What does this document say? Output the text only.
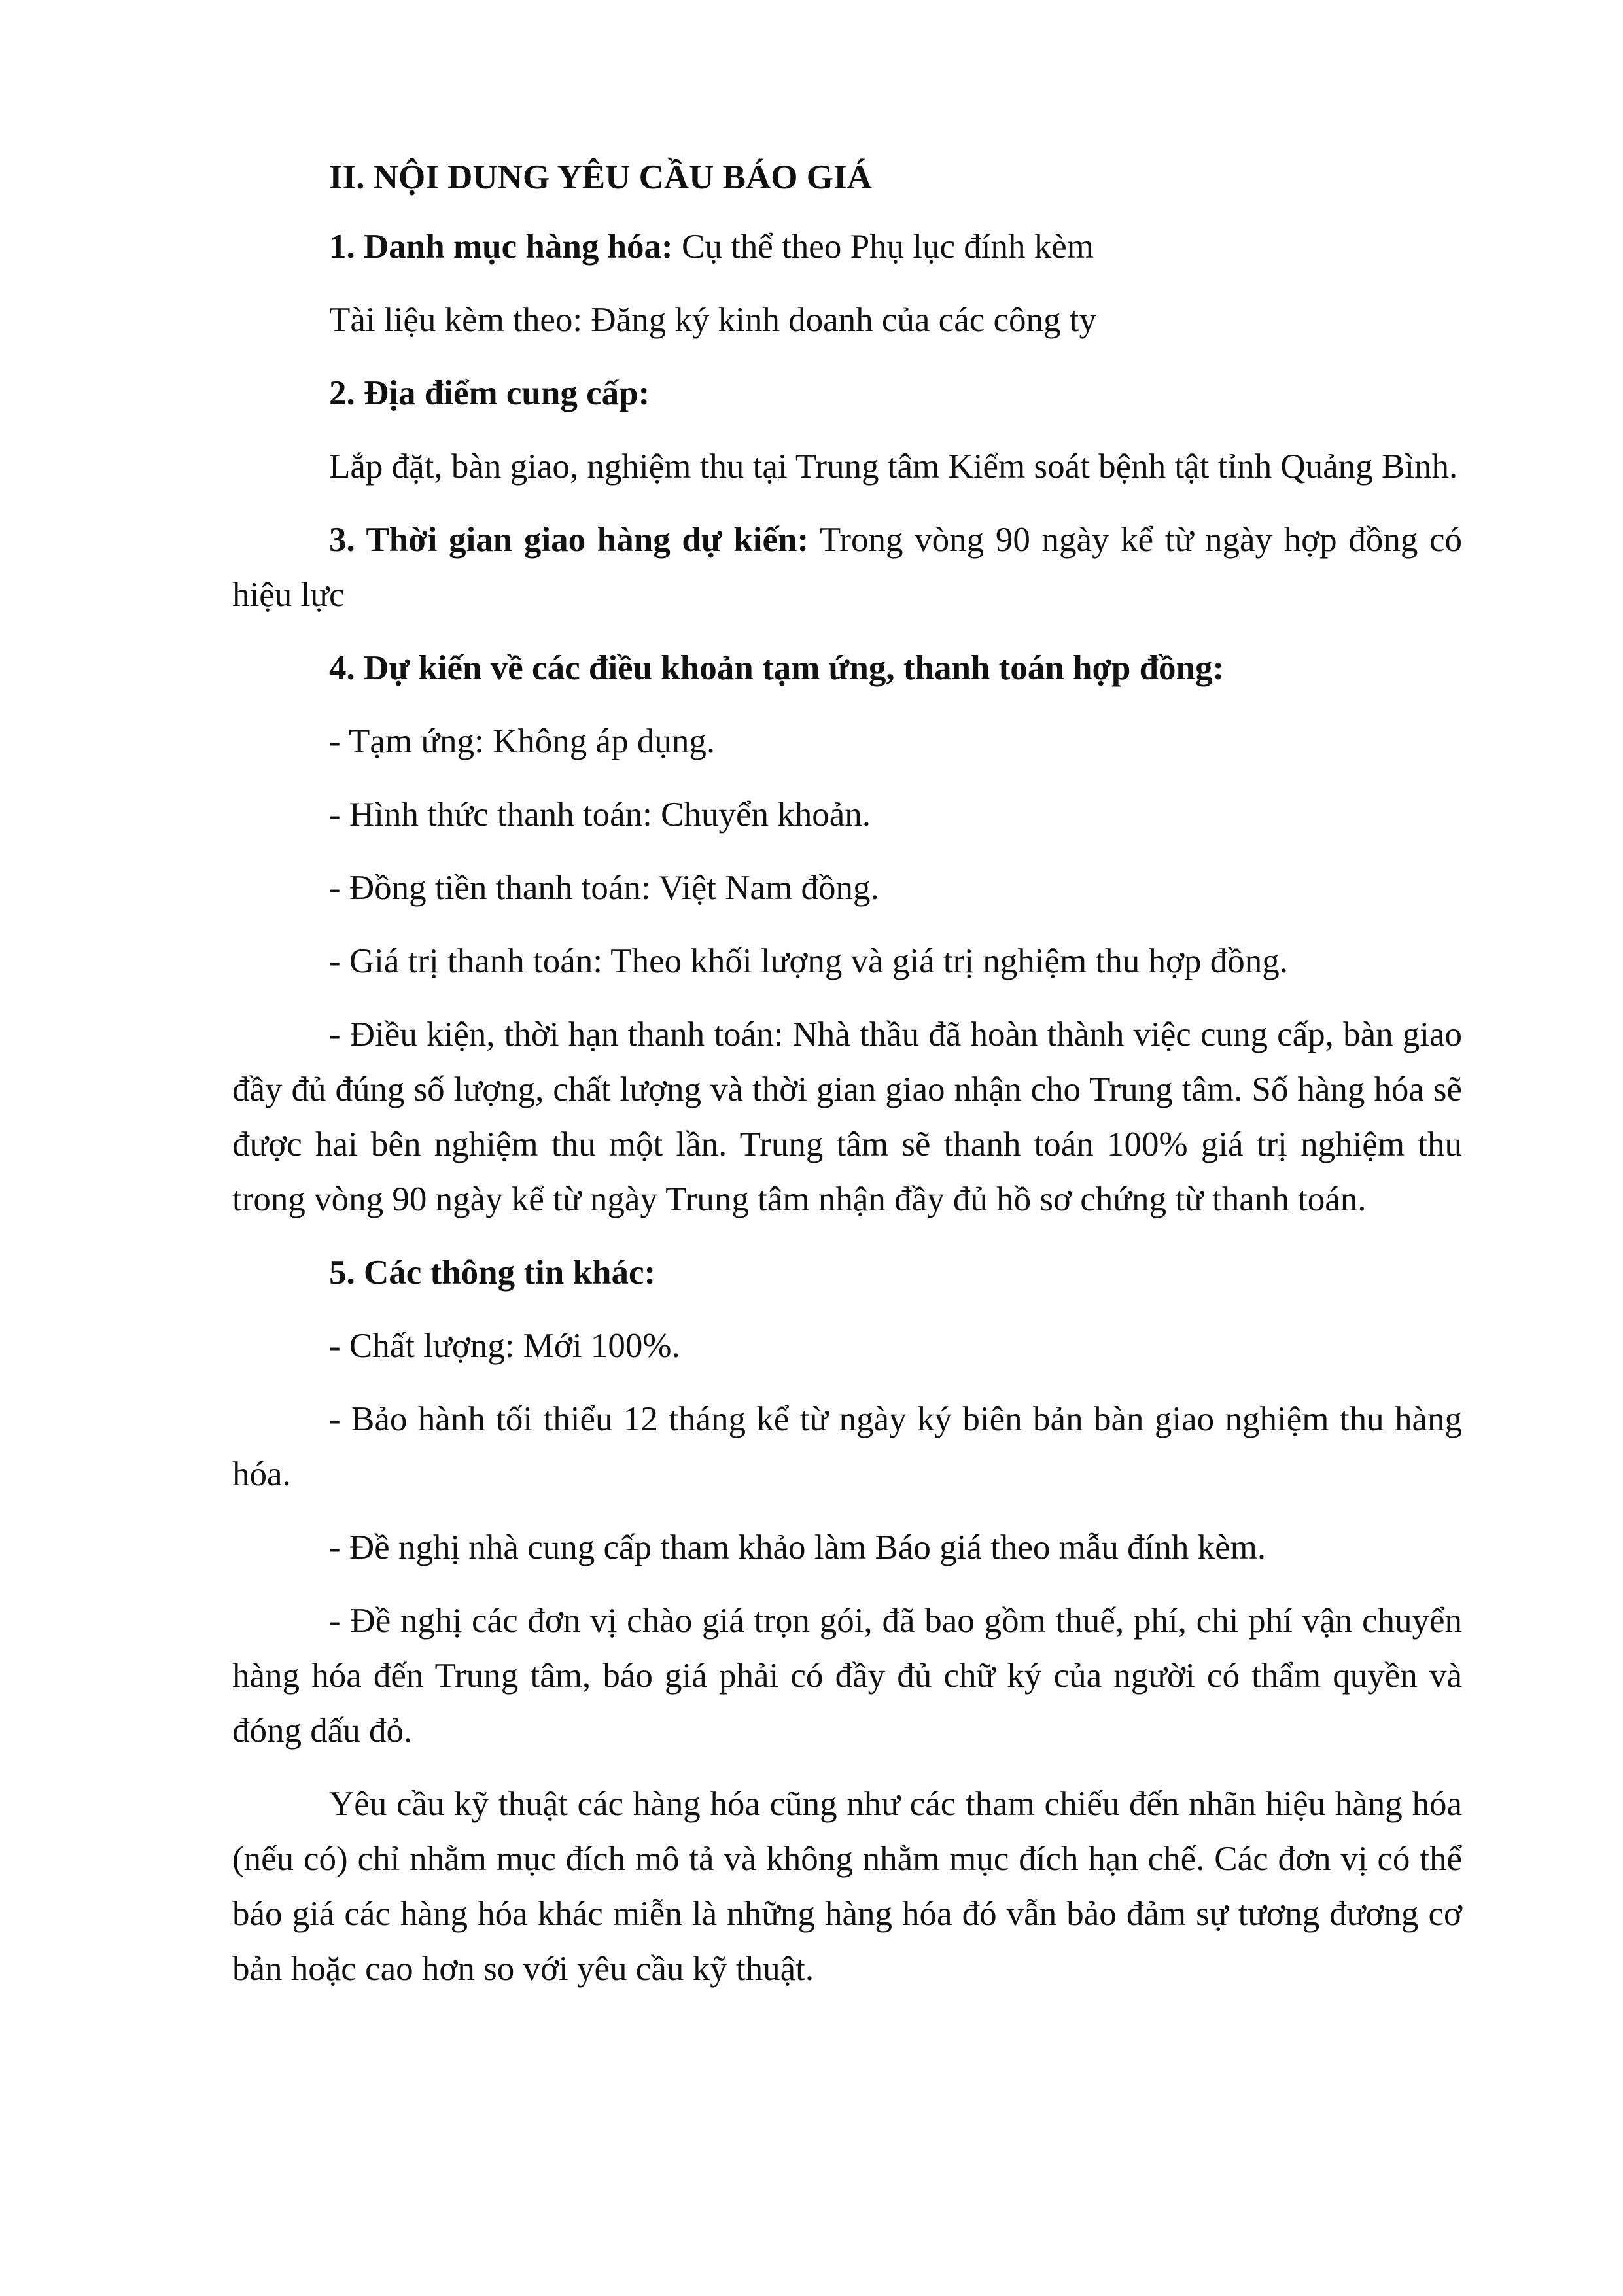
II. NỘI DUNG YÊU CẦU BÁO GIÁ

1. Danh mục hàng hóa: Cụ thể theo Phụ lục đính kèm

Tài liệu kèm theo: Đăng ký kinh doanh của các công ty

2. Địa điểm cung cấp:

Lắp đặt, bàn giao, nghiệm thu tại Trung tâm Kiểm soát bệnh tật tỉnh Quảng Bình.

3. Thời gian giao hàng dự kiến: Trong vòng 90 ngày kể từ ngày hợp đồng có hiệu lực

4. Dự kiến về các điều khoản tạm ứng, thanh toán hợp đồng:

- Tạm ứng: Không áp dụng.

- Hình thức thanh toán: Chuyển khoản.

- Đồng tiền thanh toán: Việt Nam đồng.

- Giá trị thanh toán: Theo khối lượng và giá trị nghiệm thu hợp đồng.

- Điều kiện, thời hạn thanh toán: Nhà thầu đã hoàn thành việc cung cấp, bàn giao đầy đủ đúng số lượng, chất lượng và thời gian giao nhận cho Trung tâm. Số hàng hóa sẽ được hai bên nghiệm thu một lần. Trung tâm sẽ thanh toán 100% giá trị nghiệm thu trong vòng 90 ngày kể từ ngày Trung tâm nhận đầy đủ hồ sơ chứng từ thanh toán.

5. Các thông tin khác:

- Chất lượng: Mới 100%.

- Bảo hành tối thiểu 12 tháng kể từ ngày ký biên bản bàn giao nghiệm thu hàng hóa.

- Đề nghị nhà cung cấp tham khảo làm Báo giá theo mẫu đính kèm.

- Đề nghị các đơn vị chào giá trọn gói, đã bao gồm thuế, phí, chi phí vận chuyển hàng hóa đến Trung tâm, báo giá phải có đầy đủ chữ ký của người có thẩm quyền và đóng dấu đỏ.

Yêu cầu kỹ thuật các hàng hóa cũng như các tham chiếu đến nhãn hiệu hàng hóa (nếu có) chỉ nhằm mục đích mô tả và không nhằm mục đích hạn chế. Các đơn vị có thể báo giá các hàng hóa khác miễn là những hàng hóa đó vẫn bảo đảm sự tương đương cơ bản hoặc cao hơn so với yêu cầu kỹ thuật.
